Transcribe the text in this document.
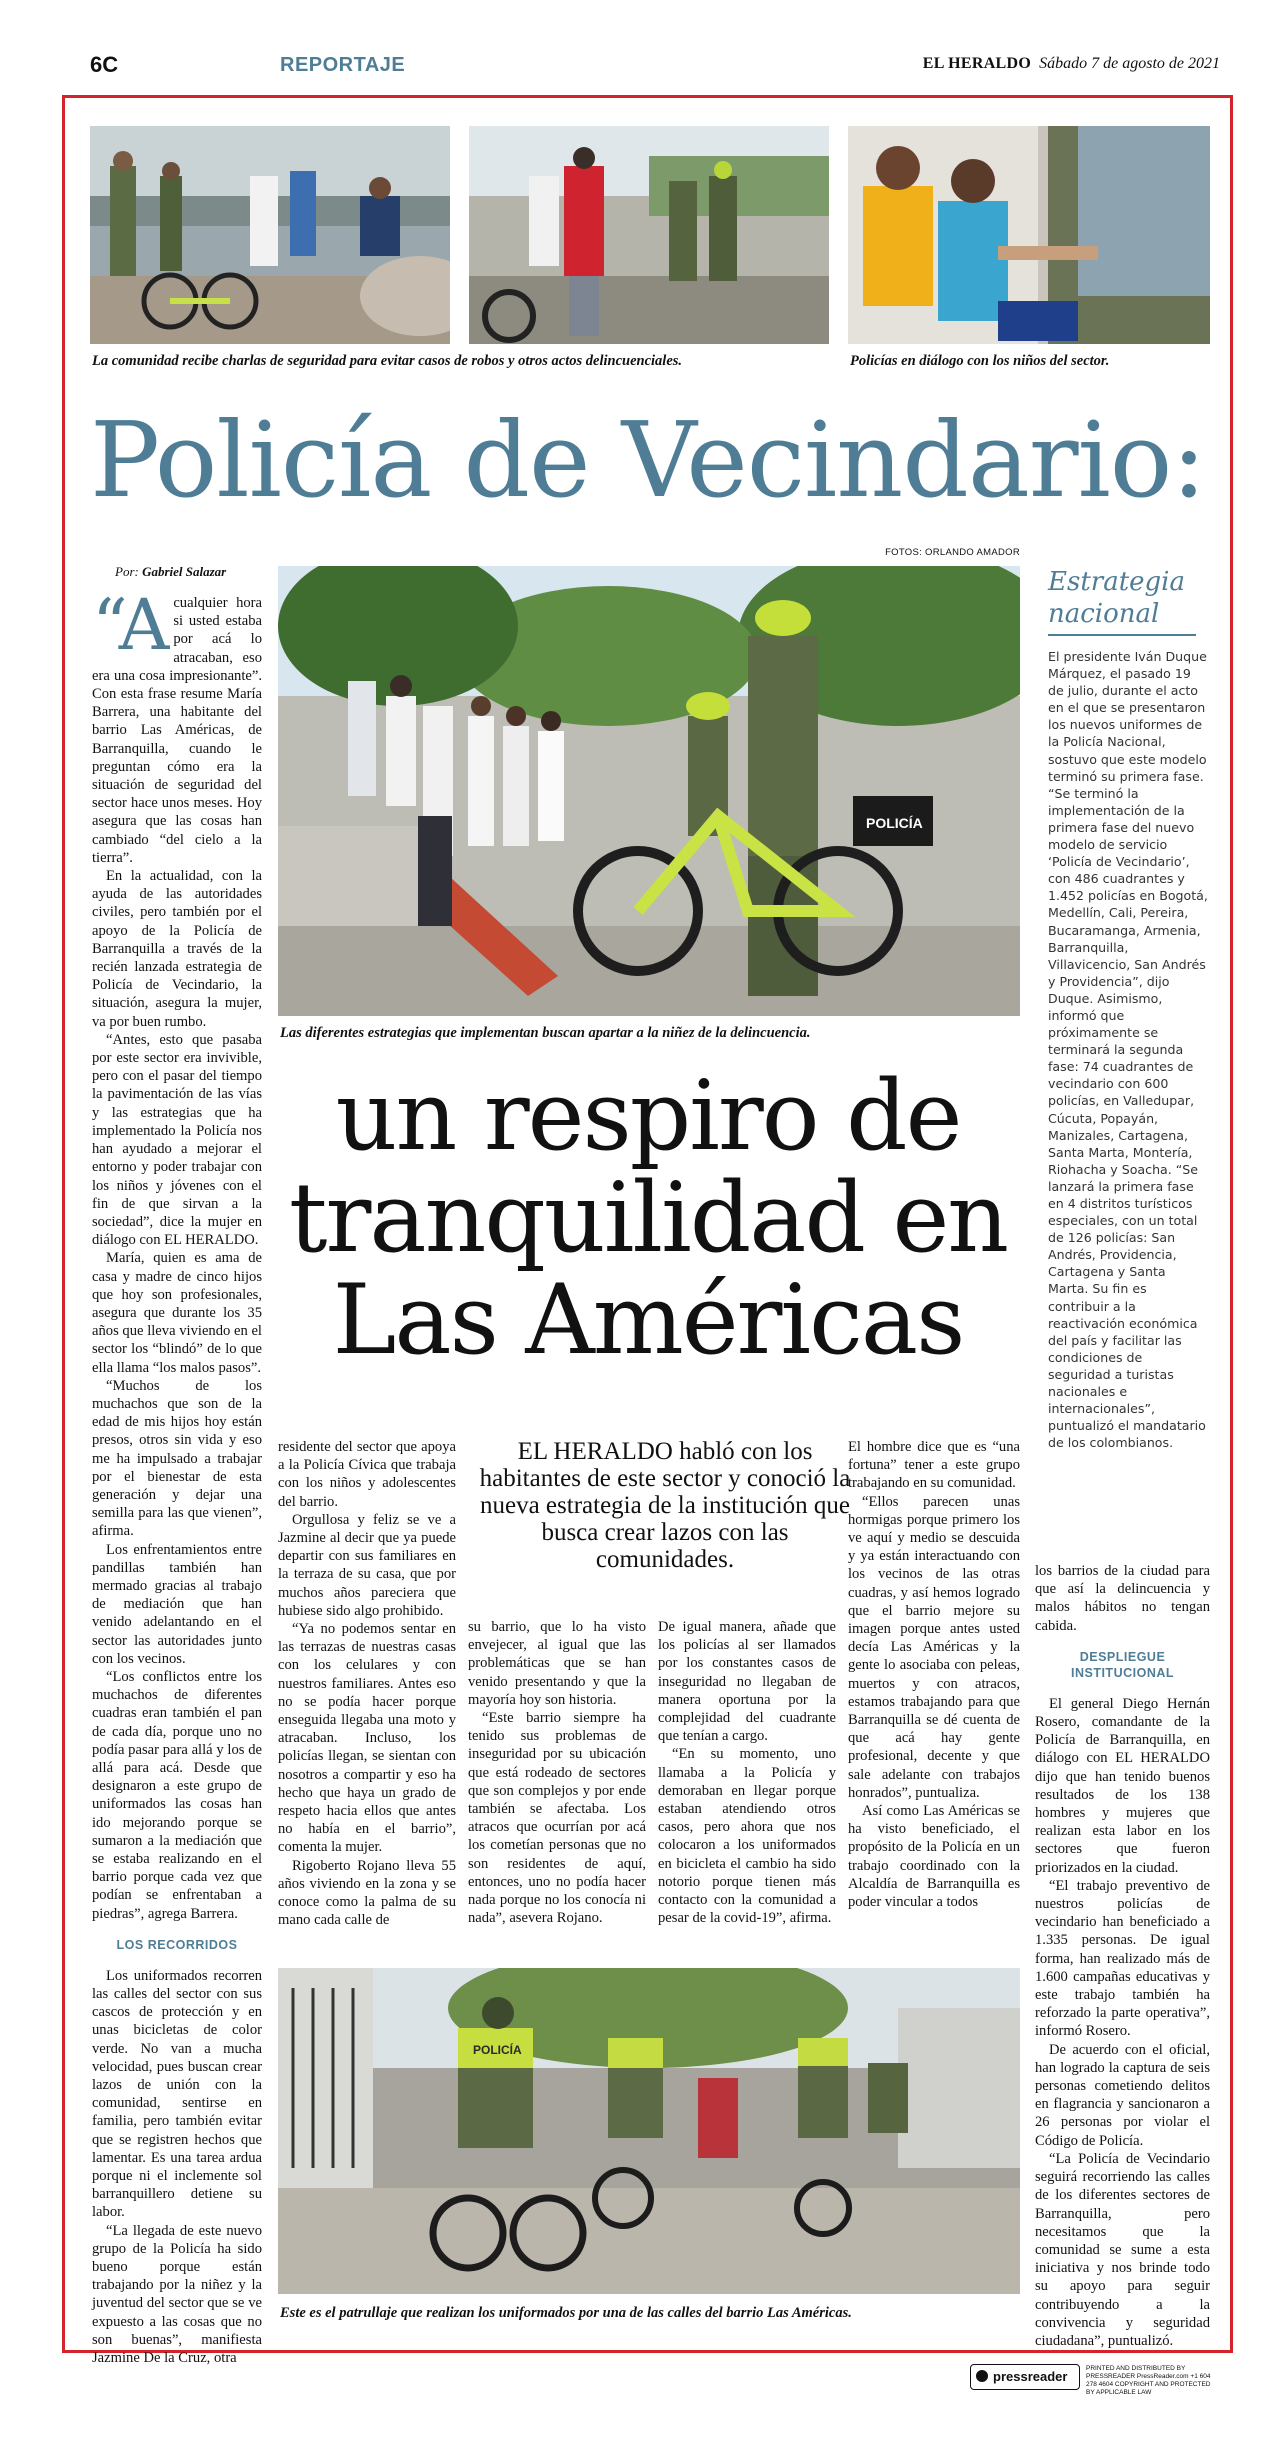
6C	REPORTAJE	EL HERALDO Sábado 7 de agosto de 2021
La comunidad recibe charlas de seguridad para evitar casos de robos y otros actos delincuenciales.	Policías en diálogo con los niños del sector.
Policía de Vecindario:
FOTOS: ORLANDO AMADOR
Por: Gabriel Salazar
POLICÍA
Las diferentes estrategias que implementan buscan apartar a la niñez de la delincuencia.
un respiro de tranquilidad en Las Américas
EL HERALDO habló con los habitantes de este sector y conoció la nueva estrategia de la institución que busca crear lazos con las comunidades.
Estrategia nacional
El presidente Iván Duque Márquez, el pasado 19 de julio, durante el acto en el que se presentaron los nuevos uniformes de la Policía Nacional, sostuvo que este modelo terminó su primera fase. “Se terminó la implementación de la primera fase del nuevo modelo de servicio ‘Policía de Vecindario’, con 486 cuadrantes y 1.452 policías en Bogotá, Medellín, Cali, Pereira, Bucaramanga, Armenia, Barranquilla, Villavicencio, San Andrés y Providencia”, dijo Duque. Asimismo, informó que próximamente se terminará la segunda fase: 74 cuadrantes de vecindario con 600 policías, en Valledupar, Cúcuta, Popayán, Manizales, Cartagena, Santa Marta, Montería, Riohacha y Soacha. “Se lanzará la primera fase en 4 distritos turísticos especiales, con un total de 126 policías: San Andrés, Providencia, Cartagena y Santa Marta. Su fin es contribuir a la reactivación económica del país y facilitar las condiciones de seguridad a turistas nacionales e internacionales”, puntualizó el mandatario de los colombianos.

“Acualquier hora si usted estaba por acá lo atracaban, eso era una cosa impresionante”. Con esta frase resume María Barrera, una habitante del barrio Las Américas, de Barranquilla, cuando le preguntan cómo era la situación de seguridad del sector hace unos meses. Hoy asegura que las cosas han cambiado “del cielo a la tierra”.

En la actualidad, con la ayuda de las autoridades civiles, pero también por el apoyo de la Policía de Barranquilla a través de la recién lanzada estrategia de Policía de Vecindario, la situación, asegura la mujer, va por buen rumbo.

“Antes, esto que pasaba por este sector era invivible, pero con el pasar del tiempo la pavimentación de las vías y las estrategias que ha implementado la Policía nos han ayudado a mejorar el entorno y poder trabajar con los niños y jóvenes con el fin de que sirvan a la sociedad”, dice la mujer en diálogo con EL HERALDO.

María, quien es ama de casa y madre de cinco hijos que hoy son profesionales, asegura que durante los 35 años que lleva viviendo en el sector los “blindó” de lo que ella llama “los malos pasos”.

“Muchos de los muchachos que son de la edad de mis hijos hoy están presos, otros sin vida y eso me ha impulsado a trabajar por el bienestar de esta generación y dejar una semilla para las que vienen”, afirma.

Los enfrentamientos entre pandillas también han mermado gracias al trabajo de mediación que han venido adelantando en el sector las autoridades junto con los vecinos.

“Los conflictos entre los muchachos de diferentes cuadras eran también el pan de cada día, porque uno no podía pasar para allá y los de allá para acá. Desde que designaron a este grupo de uniformados las cosas han ido mejorando porque se sumaron a la mediación que se estaba realizando en el barrio porque cada vez que podían se enfrentaban a piedras”, agrega Barrera.

LOS RECORRIDOS

Los uniformados recorren las calles del sector con sus cascos de protección y en unas bicicletas de color verde. No van a mucha velocidad, pues buscan crear lazos de unión con la comunidad, sentirse en familia, pero también evitar que se registren hechos que lamentar. Es una tarea ardua porque ni el inclemente sol barranquillero detiene su labor.

“La llegada de este nuevo grupo de la Policía ha sido bueno porque están trabajando por la niñez y la juventud del sector que se ve expuesto a las cosas que no son buenas”, manifiesta Jazmine De la Cruz, otra

residente del sector que apoya a la Policía Cívica que trabaja con los niños y adolescentes del barrio.

Orgullosa y feliz se ve a Jazmine al decir que ya puede departir con sus familiares en la terraza de su casa, que por muchos años pareciera que hubiese sido algo prohibido.

“Ya no podemos sentar en las terrazas de nuestras casas con los celulares y con nuestros familiares. Antes eso no se podía hacer porque enseguida llegaba una moto y atracaban. Incluso, los policías llegan, se sientan con nosotros a compartir y eso ha hecho que haya un grado de respeto hacia ellos que antes no había en el barrio”, comenta la mujer.

Rigoberto Rojano lleva 55 años viviendo en la zona y se conoce como la palma de su mano cada calle de

su barrio, que lo ha visto envejecer, al igual que las problemáticas que se han venido presentando y que la mayoría hoy son historia.

“Este barrio siempre ha tenido sus problemas de inseguridad por su ubicación que está rodeado de sectores que son complejos y por ende también se afectaba. Los atracos que ocurrían por acá los cometían personas que no son residentes de aquí, entonces, uno no podía hacer nada porque no los conocía ni nada”, asevera Rojano.

De igual manera, añade que los policías al ser llamados por los constantes casos de inseguridad no llegaban de manera oportuna por la complejidad del cuadrante que tenían a cargo.

“En su momento, uno llamaba a la Policía y demoraban en llegar porque estaban atendiendo otros casos, pero ahora que nos colocaron a los uniformados en bicicleta el cambio ha sido notorio porque tienen más contacto con la comunidad a pesar de la covid-19”, afirma.

El hombre dice que es “una fortuna” tener a este grupo trabajando en su comunidad.

“Ellos parecen unas hormigas porque primero los ve aquí y medio se descuida y ya están interactuando con los vecinos de las otras cuadras, y así hemos logrado que el barrio mejore su imagen porque antes usted decía Las Américas y la gente lo asociaba con peleas, muertos y con atracos, estamos trabajando para que Barranquilla se dé cuenta de que acá hay gente profesional, decente y que sale adelante con trabajos honrados”, puntualiza.

Así como Las Américas se ha visto beneficiado, el propósito de la Policía en un trabajo coordinado con la Alcaldía de Barranquilla es poder vincular a todos

los barrios de la ciudad para que así la delincuencia y malos hábitos no tengan cabida.

DESPLIEGUE INSTITUCIONAL

El general Diego Hernán Rosero, comandante de la Policía de Barranquilla, en diálogo con EL HERALDO dijo que han tenido buenos resultados de los 138 hombres y mujeres que realizan esta labor en los sectores que fueron priorizados en la ciudad.

“El trabajo preventivo de nuestros policías de vecindario han beneficiado a 1.335 personas. De igual forma, han realizado más de 1.600 campañas educativas y este trabajo también ha reforzado la parte operativa”, informó Rosero.

De acuerdo con el oficial, han logrado la captura de seis personas cometiendo delitos en flagrancia y sancionaron a 26 personas por violar el Código de Policía.

“La Policía de Vecindario seguirá recorriendo las calles de los diferentes sectores de Barranquilla, pero necesitamos que la comunidad se sume a esta iniciativa y nos brinde todo su apoyo para seguir contribuyendo a la convivencia y seguridad ciudadana”, puntualizó.

POLICÍA
Este es el patrullaje que realizan los uniformados por una de las calles del barrio Las Américas.
pressreader
PRINTED AND DISTRIBUTED BY PRESSREADER PressReader.com +1 604 278 4604 COPYRIGHT AND PROTECTED BY APPLICABLE LAW
